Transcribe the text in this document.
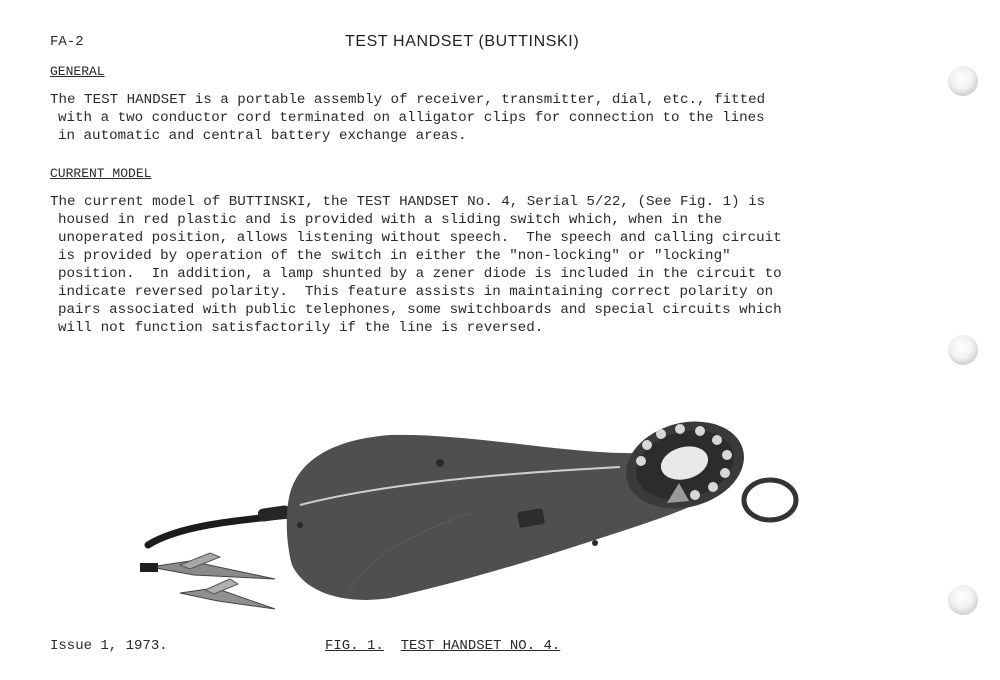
FA-2	TEST HANDSET (BUTTINSKI)
GENERAL
The TEST HANDSET is a portable assembly of receiver, transmitter, dial, etc., fitted
with a two conductor cord terminated on alligator clips for connection to the lines
in automatic and central battery exchange areas.
CURRENT MODEL
The current model of BUTTINSKI, the TEST HANDSET No. 4, Serial 5/22, (See Fig. 1) is
housed in red plastic and is provided with a sliding switch which, when in the
unoperated position, allows listening without speech.  The speech and calling circuit
is provided by operation of the switch in either the "non-locking" or "locking"
position.  In addition, a lamp shunted by a zener diode is included in the circuit to
indicate reversed polarity.  This feature assists in maintaining correct polarity on
pairs associated with public telephones, some switchboards and special circuits which
will not function satisfactorily if the line is reversed.
Issue 1, 1973.	FIG. 1. TEST HANDSET NO. 4.
